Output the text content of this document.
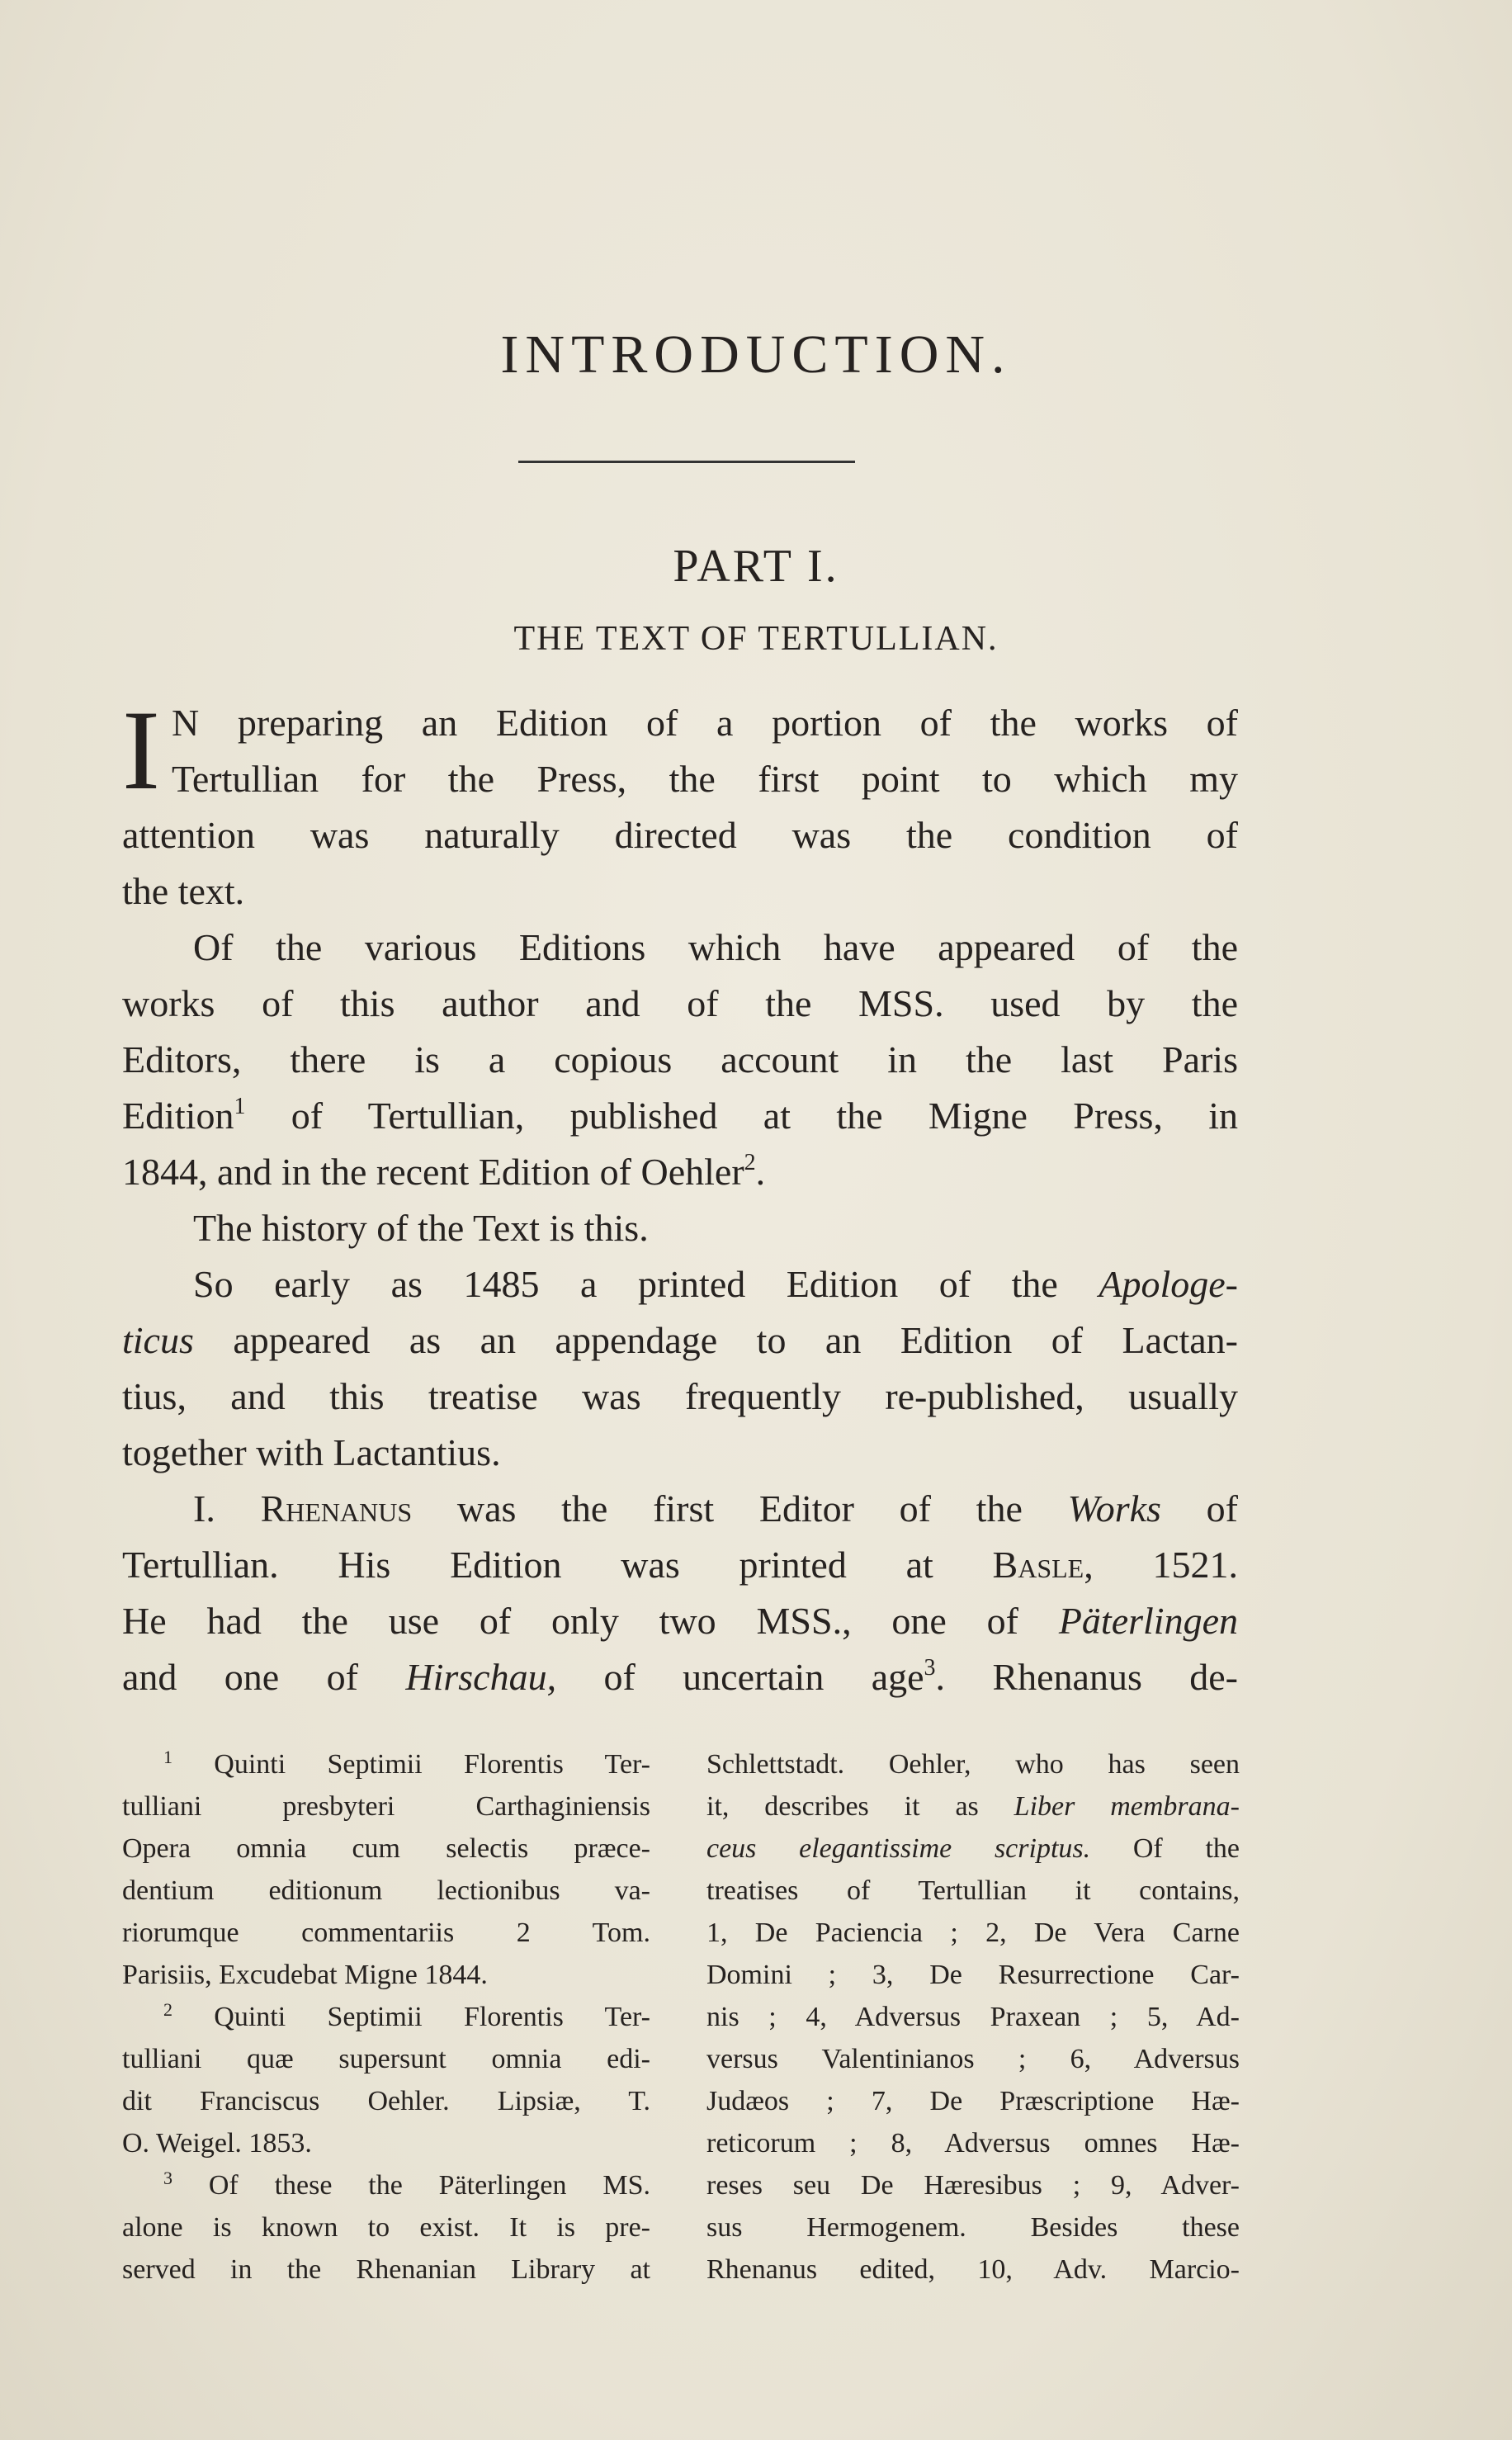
INTRODUCTION.
PART I.
THE TEXT OF TERTULLIAN.
I N preparing an Edition of a portion of the works of
Tertullian for the Press, the first point to which my
attention was naturally directed was the condition of
the text.
Of the various Editions which have appeared of the
works of this author and of the MSS. used by the
Editors, there is a copious account in the last Paris
Edition$^1$ of Tertullian, published at the Migne Press, in
1844, and in the recent Edition of Oehler$^2$.
The history of the Text is this.
So early as 1485 a printed Edition of the Apologe-
ticus appeared as an appendage to an Edition of Lactan-
tius, and this treatise was frequently re-published, usually
together with Lactantius.
I. Rhenanus was the first Editor of the Works of
Tertullian. His Edition was printed at Basle, 1521.
He had the use of only two MSS., one of Päterlingen
and one of Hirschau, of uncertain age$^3$. Rhenanus de-
$^1$ Quinti Septimii Florentis Ter-
tulliani presbyteri Carthaginiensis
Opera omnia cum selectis præce-
dentium editionum lectionibus va-
riorumque commentariis 2 Tom.
Parisiis, Excudebat Migne 1844.
$^2$ Quinti Septimii Florentis Ter-
tulliani quæ supersunt omnia edi-
dit Franciscus Oehler. Lipsiæ, T.
O. Weigel. 1853.
$^3$ Of these the Päterlingen MS.
alone is known to exist. It is pre-
served in the Rhenanian Library at
Schlettstadt. Oehler, who has seen
it, describes it as Liber membrana-
ceus elegantissime scriptus. Of the
treatises of Tertullian it contains,
1, De Paciencia ; 2, De Vera Carne
Domini ; 3, De Resurrectione Car-
nis ; 4, Adversus Praxean ; 5, Ad-
versus Valentinianos ; 6, Adversus
Judæos ; 7, De Præscriptione Hæ-
reticorum ; 8, Adversus omnes Hæ-
reses seu De Hæresibus ; 9, Adver-
sus Hermogenem. Besides these
Rhenanus edited, 10, Adv. Marcio-
